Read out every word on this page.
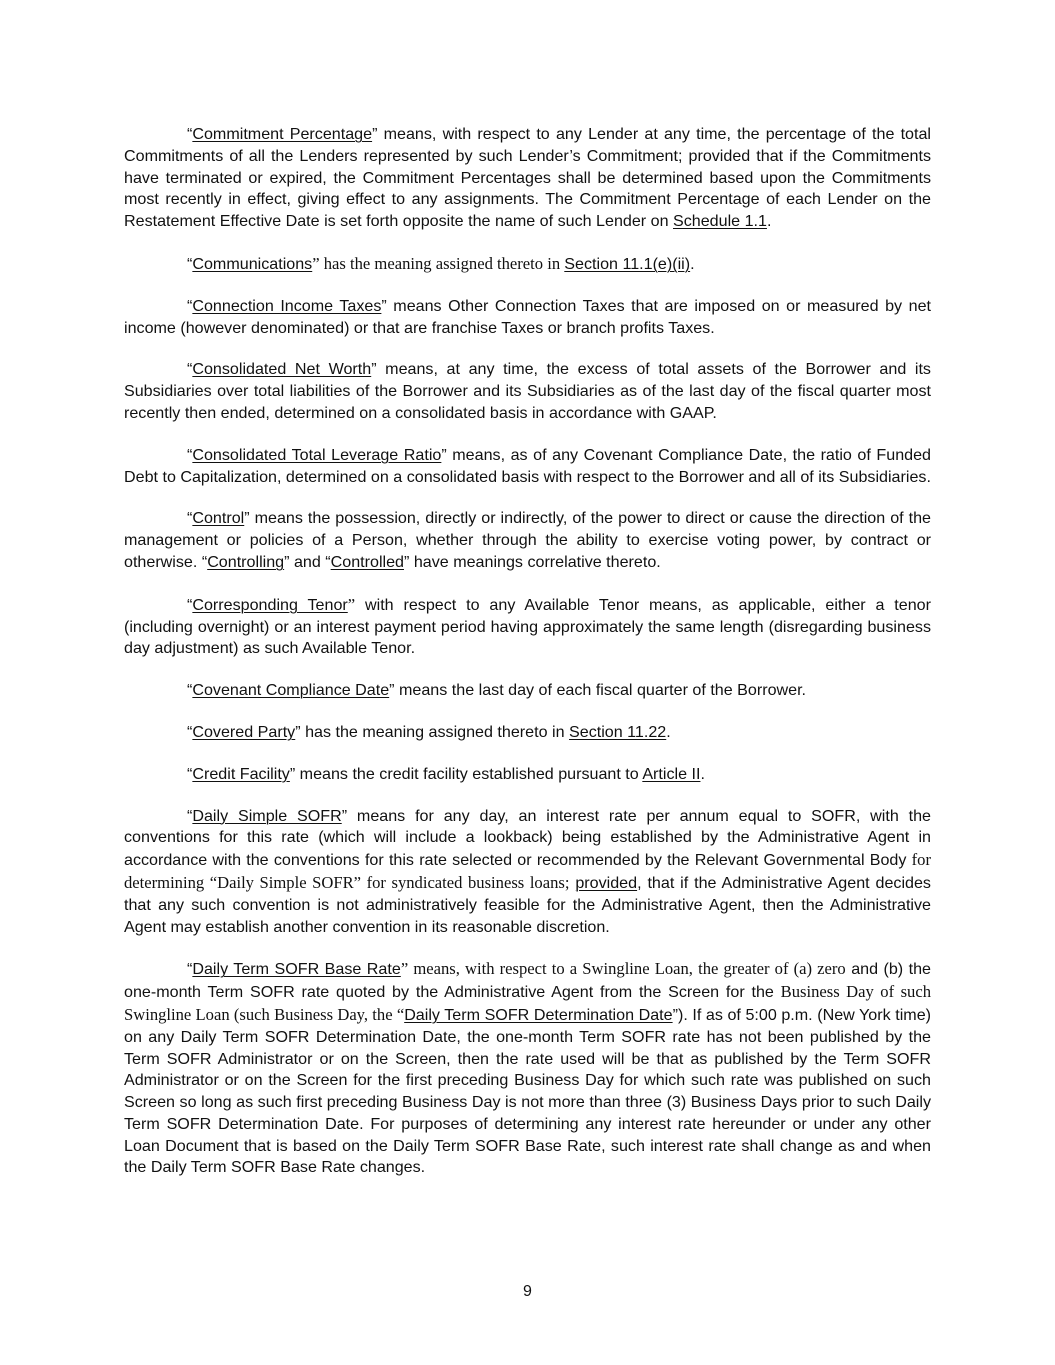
“Commitment Percentage” means, with respect to any Lender at any time, the percentage of the total Commitments of all the Lenders represented by such Lender’s Commitment; provided that if the Commitments have terminated or expired, the Commitment Percentages shall be determined based upon the Commitments most recently in effect, giving effect to any assignments. The Commitment Percentage of each Lender on the Restatement Effective Date is set forth opposite the name of such Lender on Schedule 1.1.

“Communications” has the meaning assigned thereto in Section 11.1(e)(ii).

“Connection Income Taxes” means Other Connection Taxes that are imposed on or measured by net income (however denominated) or that are franchise Taxes or branch profits Taxes.

“Consolidated Net Worth” means, at any time, the excess of total assets of the Borrower and its Subsidiaries over total liabilities of the Borrower and its Subsidiaries as of the last day of the fiscal quarter most recently then ended, determined on a consolidated basis in accordance with GAAP.

“Consolidated Total Leverage Ratio” means, as of any Covenant Compliance Date, the ratio of Funded Debt to Capitalization, determined on a consolidated basis with respect to the Borrower and all of its Subsidiaries.

“Control” means the possession, directly or indirectly, of the power to direct or cause the direction of the management or policies of a Person, whether through the ability to exercise voting power, by contract or otherwise. “Controlling” and “Controlled” have meanings correlative thereto.

“Corresponding Tenor” with respect to any Available Tenor means, as applicable, either a tenor (including overnight) or an interest payment period having approximately the same length (disregarding business day adjustment) as such Available Tenor.

“Covenant Compliance Date” means the last day of each fiscal quarter of the Borrower.

“Covered Party” has the meaning assigned thereto in Section 11.22.

“Credit Facility” means the credit facility established pursuant to Article II.

“Daily Simple SOFR” means for any day, an interest rate per annum equal to SOFR, with the conventions for this rate (which will include a lookback) being established by the Administrative Agent in accordance with the conventions for this rate selected or recommended by the Relevant Governmental Body for determining “Daily Simple SOFR” for syndicated business loans; provided, that if the Administrative Agent decides that any such convention is not administratively feasible for the Administrative Agent, then the Administrative Agent may establish another convention in its reasonable discretion.

“Daily Term SOFR Base Rate” means, with respect to a Swingline Loan, the greater of (a) zero and (b) the one-month Term SOFR rate quoted by the Administrative Agent from the Screen for the Business Day of such Swingline Loan (such Business Day, the “Daily Term SOFR Determination Date”). If as of 5:00 p.m. (New York time) on any Daily Term SOFR Determination Date, the one-month Term SOFR rate has not been published by the Term SOFR Administrator or on the Screen, then the rate used will be that as published by the Term SOFR Administrator or on the Screen for the first preceding Business Day for which such rate was published on such Screen so long as such first preceding Business Day is not more than three (3) Business Days prior to such Daily Term SOFR Determination Date. For purposes of determining any interest rate hereunder or under any other Loan Document that is based on the Daily Term SOFR Base Rate, such interest rate shall change as and when the Daily Term SOFR Base Rate changes.

9
